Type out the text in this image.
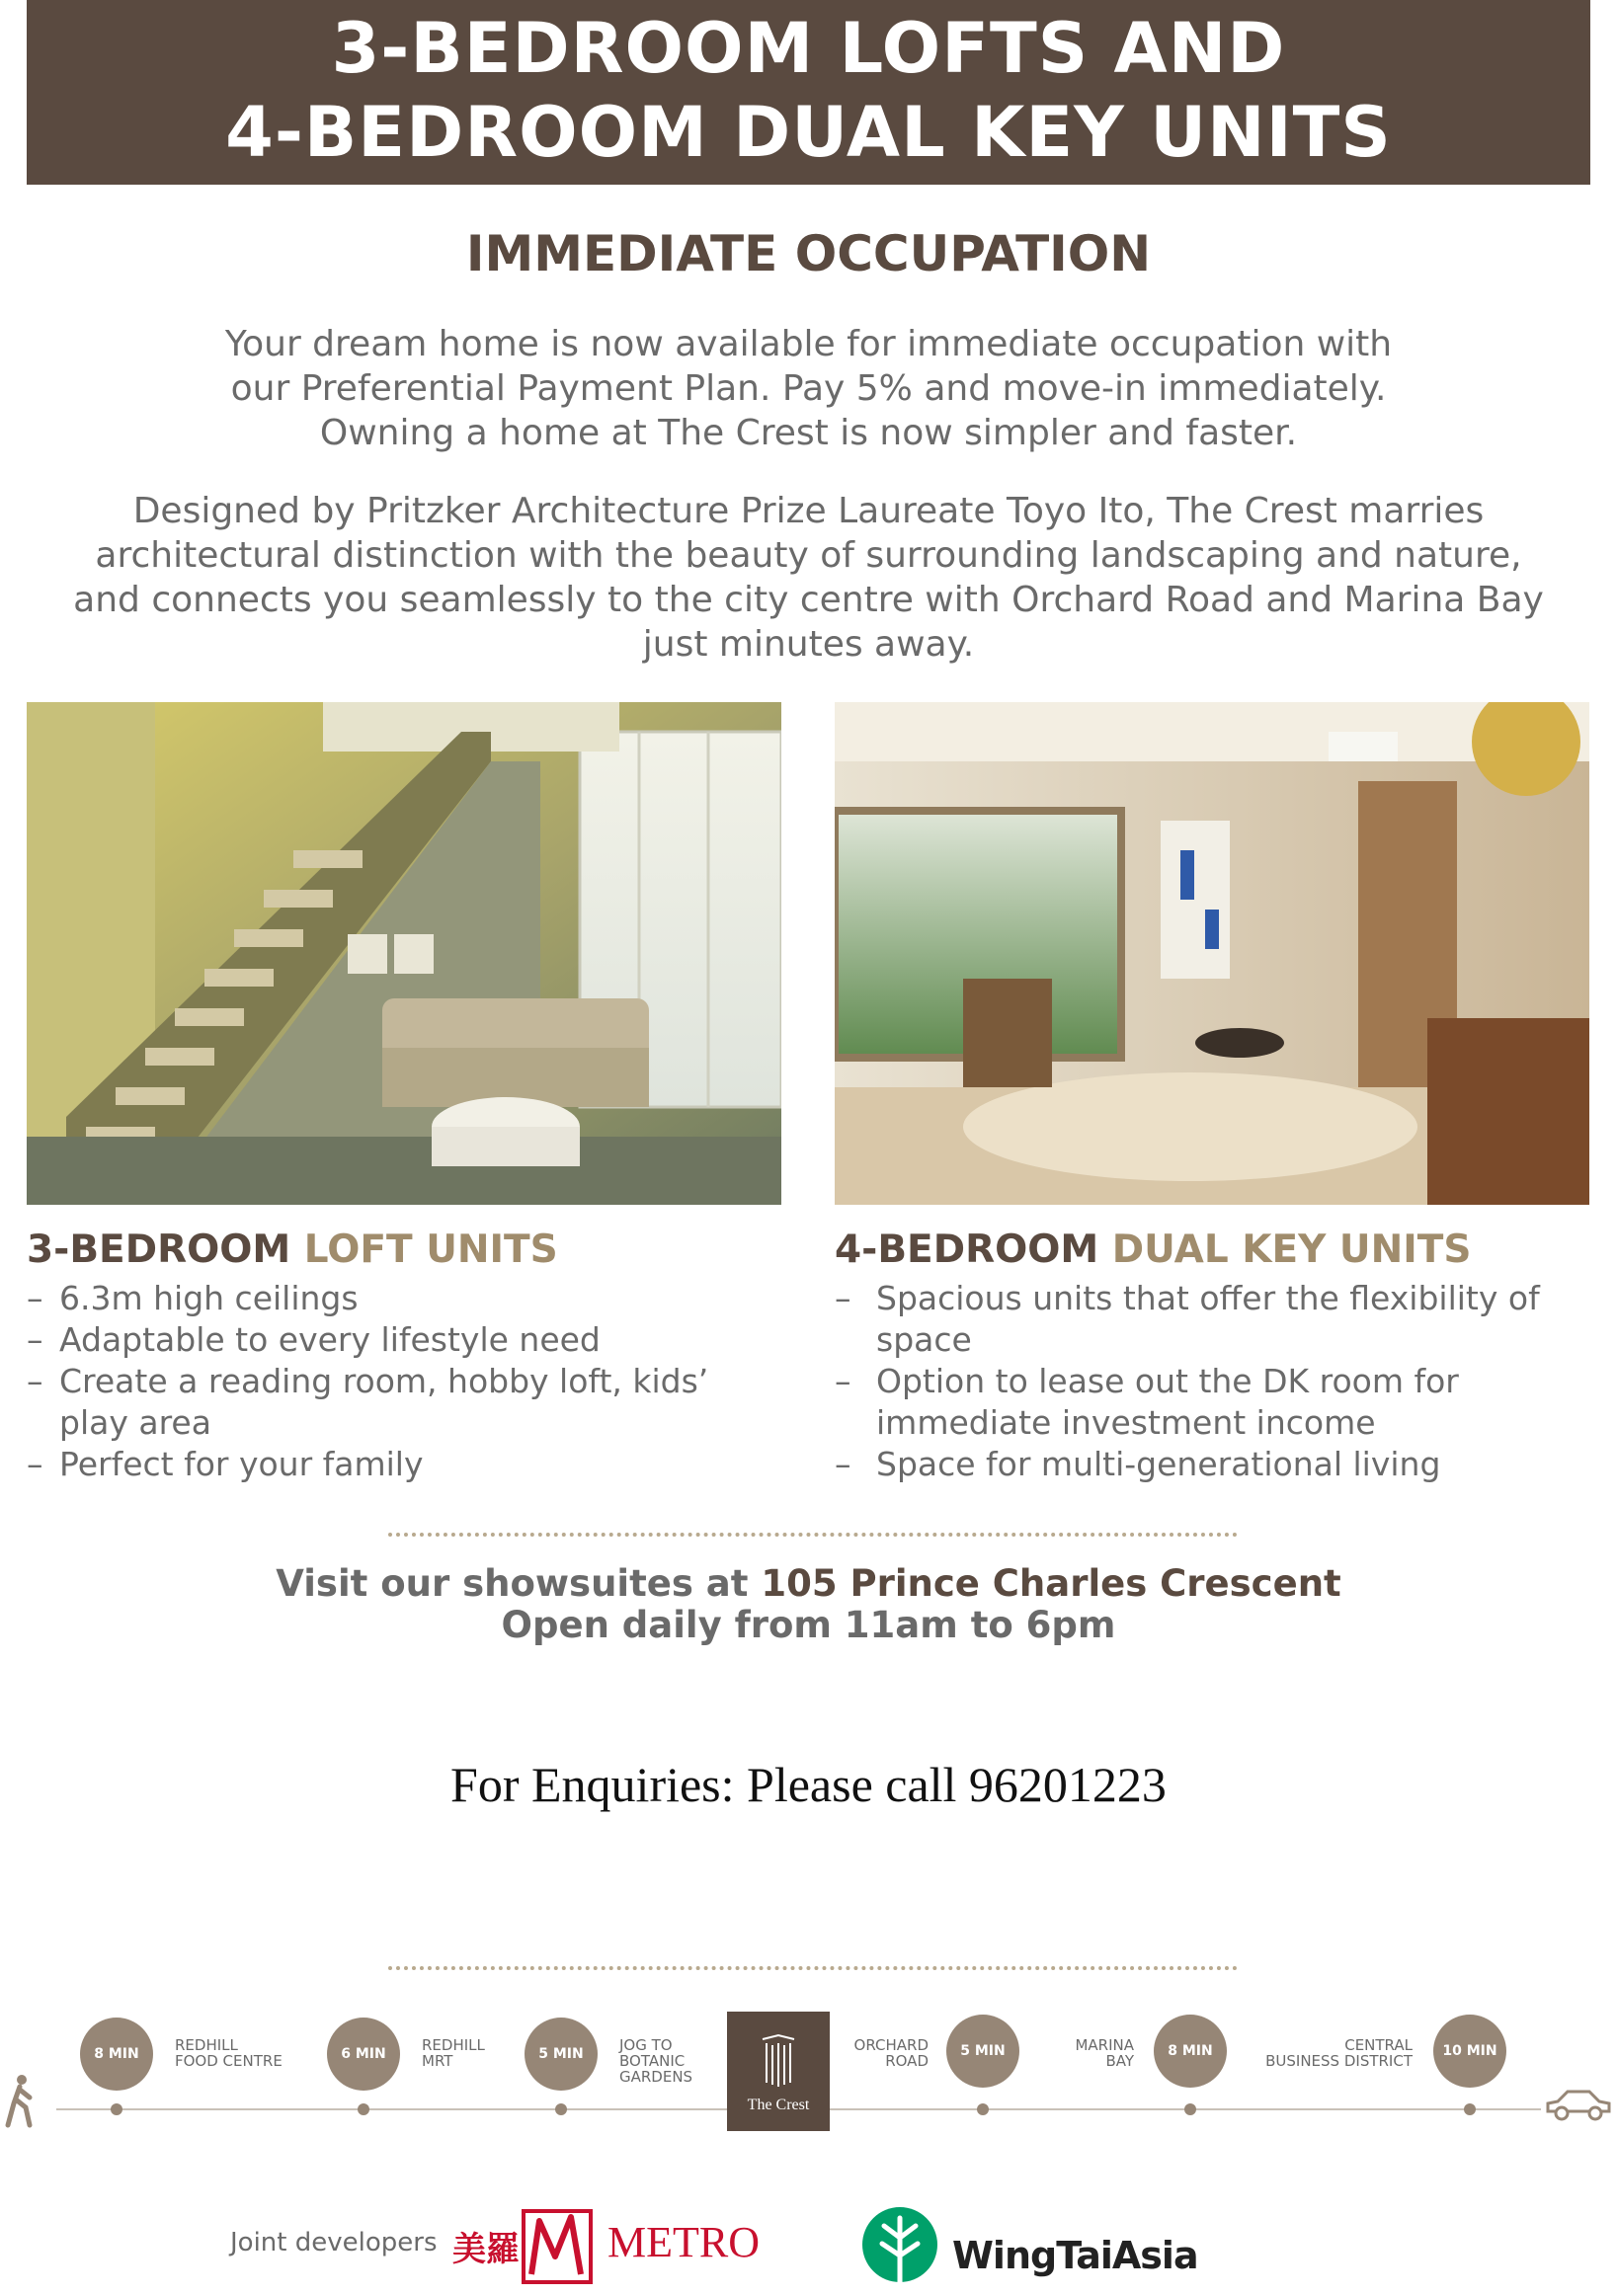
3-BEDROOM LOFTS AND
4-BEDROOM DUAL KEY UNITS
IMMEDIATE OCCUPATION
Your dream home is now available for immediate occupation with
our Preferential Payment Plan. Pay 5% and move-in immediately.
Owning a home at The Crest is now simpler and faster.
Designed by Pritzker Architecture Prize Laureate Toyo Ito, The Crest marries
architectural distinction with the beauty of surrounding landscaping and nature,
and connects you seamlessly to the city centre with Orchard Road and Marina Bay
just minutes away.
3-BEDROOM LOFT UNITS
– 6.3m high ceilings
– Adaptable to every lifestyle need
– Create a reading room, hobby loft, kids’ play area
– Perfect for your family
4-BEDROOM DUAL KEY UNITS
– Spacious units that offer the flexibility of space
– Option to lease out the DK room for immediate investment income
– Space for multi-generational living
Visit our showsuites at 105 Prince Charles Crescent
Open daily from 11am to 6pm
For Enquiries: Please call 96201223
8 MIN	REDHILL
FOOD CENTRE	6 MIN	REDHILL
MRT	5 MIN	JOG TO
BOTANIC
GARDENS
The Crest
ORCHARD
ROAD
5 MIN	MARINA
BAY
8 MIN	CENTRAL
BUSINESS DISTRICT
10 MIN
Joint developers 美羅 METRO	WingTaiAsia
